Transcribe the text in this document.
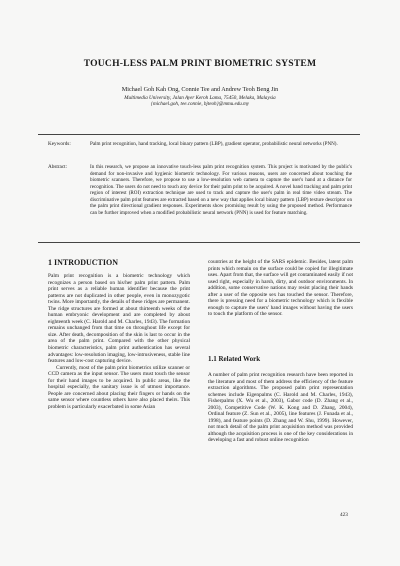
TOUCH-LESS PALM PRINT BIOMETRIC SYSTEM
Michael Goh Kah Ong, Connie Tee and Andrew Teoh Beng Jin
Multimedia University, Jalan Ayer Keroh Lama, 75450, Melaka, Malaysia
{michael.goh, tee.connie, bjteoh}@mmu.edu.my
Keywords:	Palm print recognition, hand tracking, local binary pattern (LBP), gradient operator, probabilistic neural networks (PNN).
Abstract:	In this research, we propose an innovative touch-less palm print recognition system. This project is motivated by the public's demand for non-invasive and hygienic biometric technology. For various reasons, users are concerned about touching the biometric scanners. Therefore, we propose to use a low-resolution web camera to capture the user's hand at a distance for recognition. The users do not need to touch any device for their palm print to be acquired. A novel hand tracking and palm print region of interest (ROI) extraction technique are used to track and capture the user's palm in real time video stream. The discriminative palm print features are extracted based on a new way that applies local binary pattern (LBP) texture descriptor on the palm print directional gradient responses. Experiments show promising result by using the proposed method. Performance can be further improved when a modified probabilistic neural network (PNN) is used for feature matching.
1 INTRODUCTION

Palm print recognition is a biometric technology which recognizes a person based on his/her palm print pattern. Palm print serves as a reliable human identifier because the print patterns are not duplicated in other people, even in monozygotic twins. More importantly, the details of these ridges are permanent. The ridge structures are formed at about thirteenth weeks of the human embryonic development and are completed by about eighteenth week (C. Harold and M. Charles, 1943). The formation remains unchanged from that time on throughout life except for size. After death, decomposition of the skin is last to occur in the area of the palm print. Compared with the other physical biometric characteristics, palm print authentication has several advantages: low-resolution imaging, low-intrusiveness, stable line features and low-cost capturing device.

Currently, most of the palm print biometrics utilize scanner or CCD camera as the input sensor. The users must touch the sensor for their hand images to be acquired. In public areas, like the hospital especially, the sanitary issue is of utmost importance. People are concerned about placing their fingers or hands on the same sensor where countless others have also placed theirs. This problem is particularly exacerbated in some Asian

countries at the height of the SARS epidemic. Besides, latent palm prints which remain on the surface could be copied for illegitimate uses. Apart from that, the surface will get contaminated easily if not used right, especially in harsh, dirty, and outdoor environments. In addition, some conservative nations may resist placing their hands after a user of the opposite sex has touched the sensor. Therefore, there is pressing need for a biometric technology which is flexible enough to capture the users' hand images without having the users to touch the platform of the sensor.

1.1 Related Work

A number of palm print recognition research have been reported in the literature and most of them address the efficiency of the feature extraction algorithms. The proposed palm print representation schemes include Eigenpalms (C. Harold and M. Charles, 1943), Fisherpalms (X. Wu et al., 2003), Gabor code (D. Zhang et al., 2003), Competitive Code (W. K. Kong and D. Zhang, 2004), Ordinal feature (Z. Sun et al., 2005), line features (J. Funada et al., 1998), and feature points (D. Zhang and W. Shu, 1999). However, not much detail of the palm print acquisition method was provided although the acquisition process is one of the key considerations in developing a fast and robust online recognition

423
